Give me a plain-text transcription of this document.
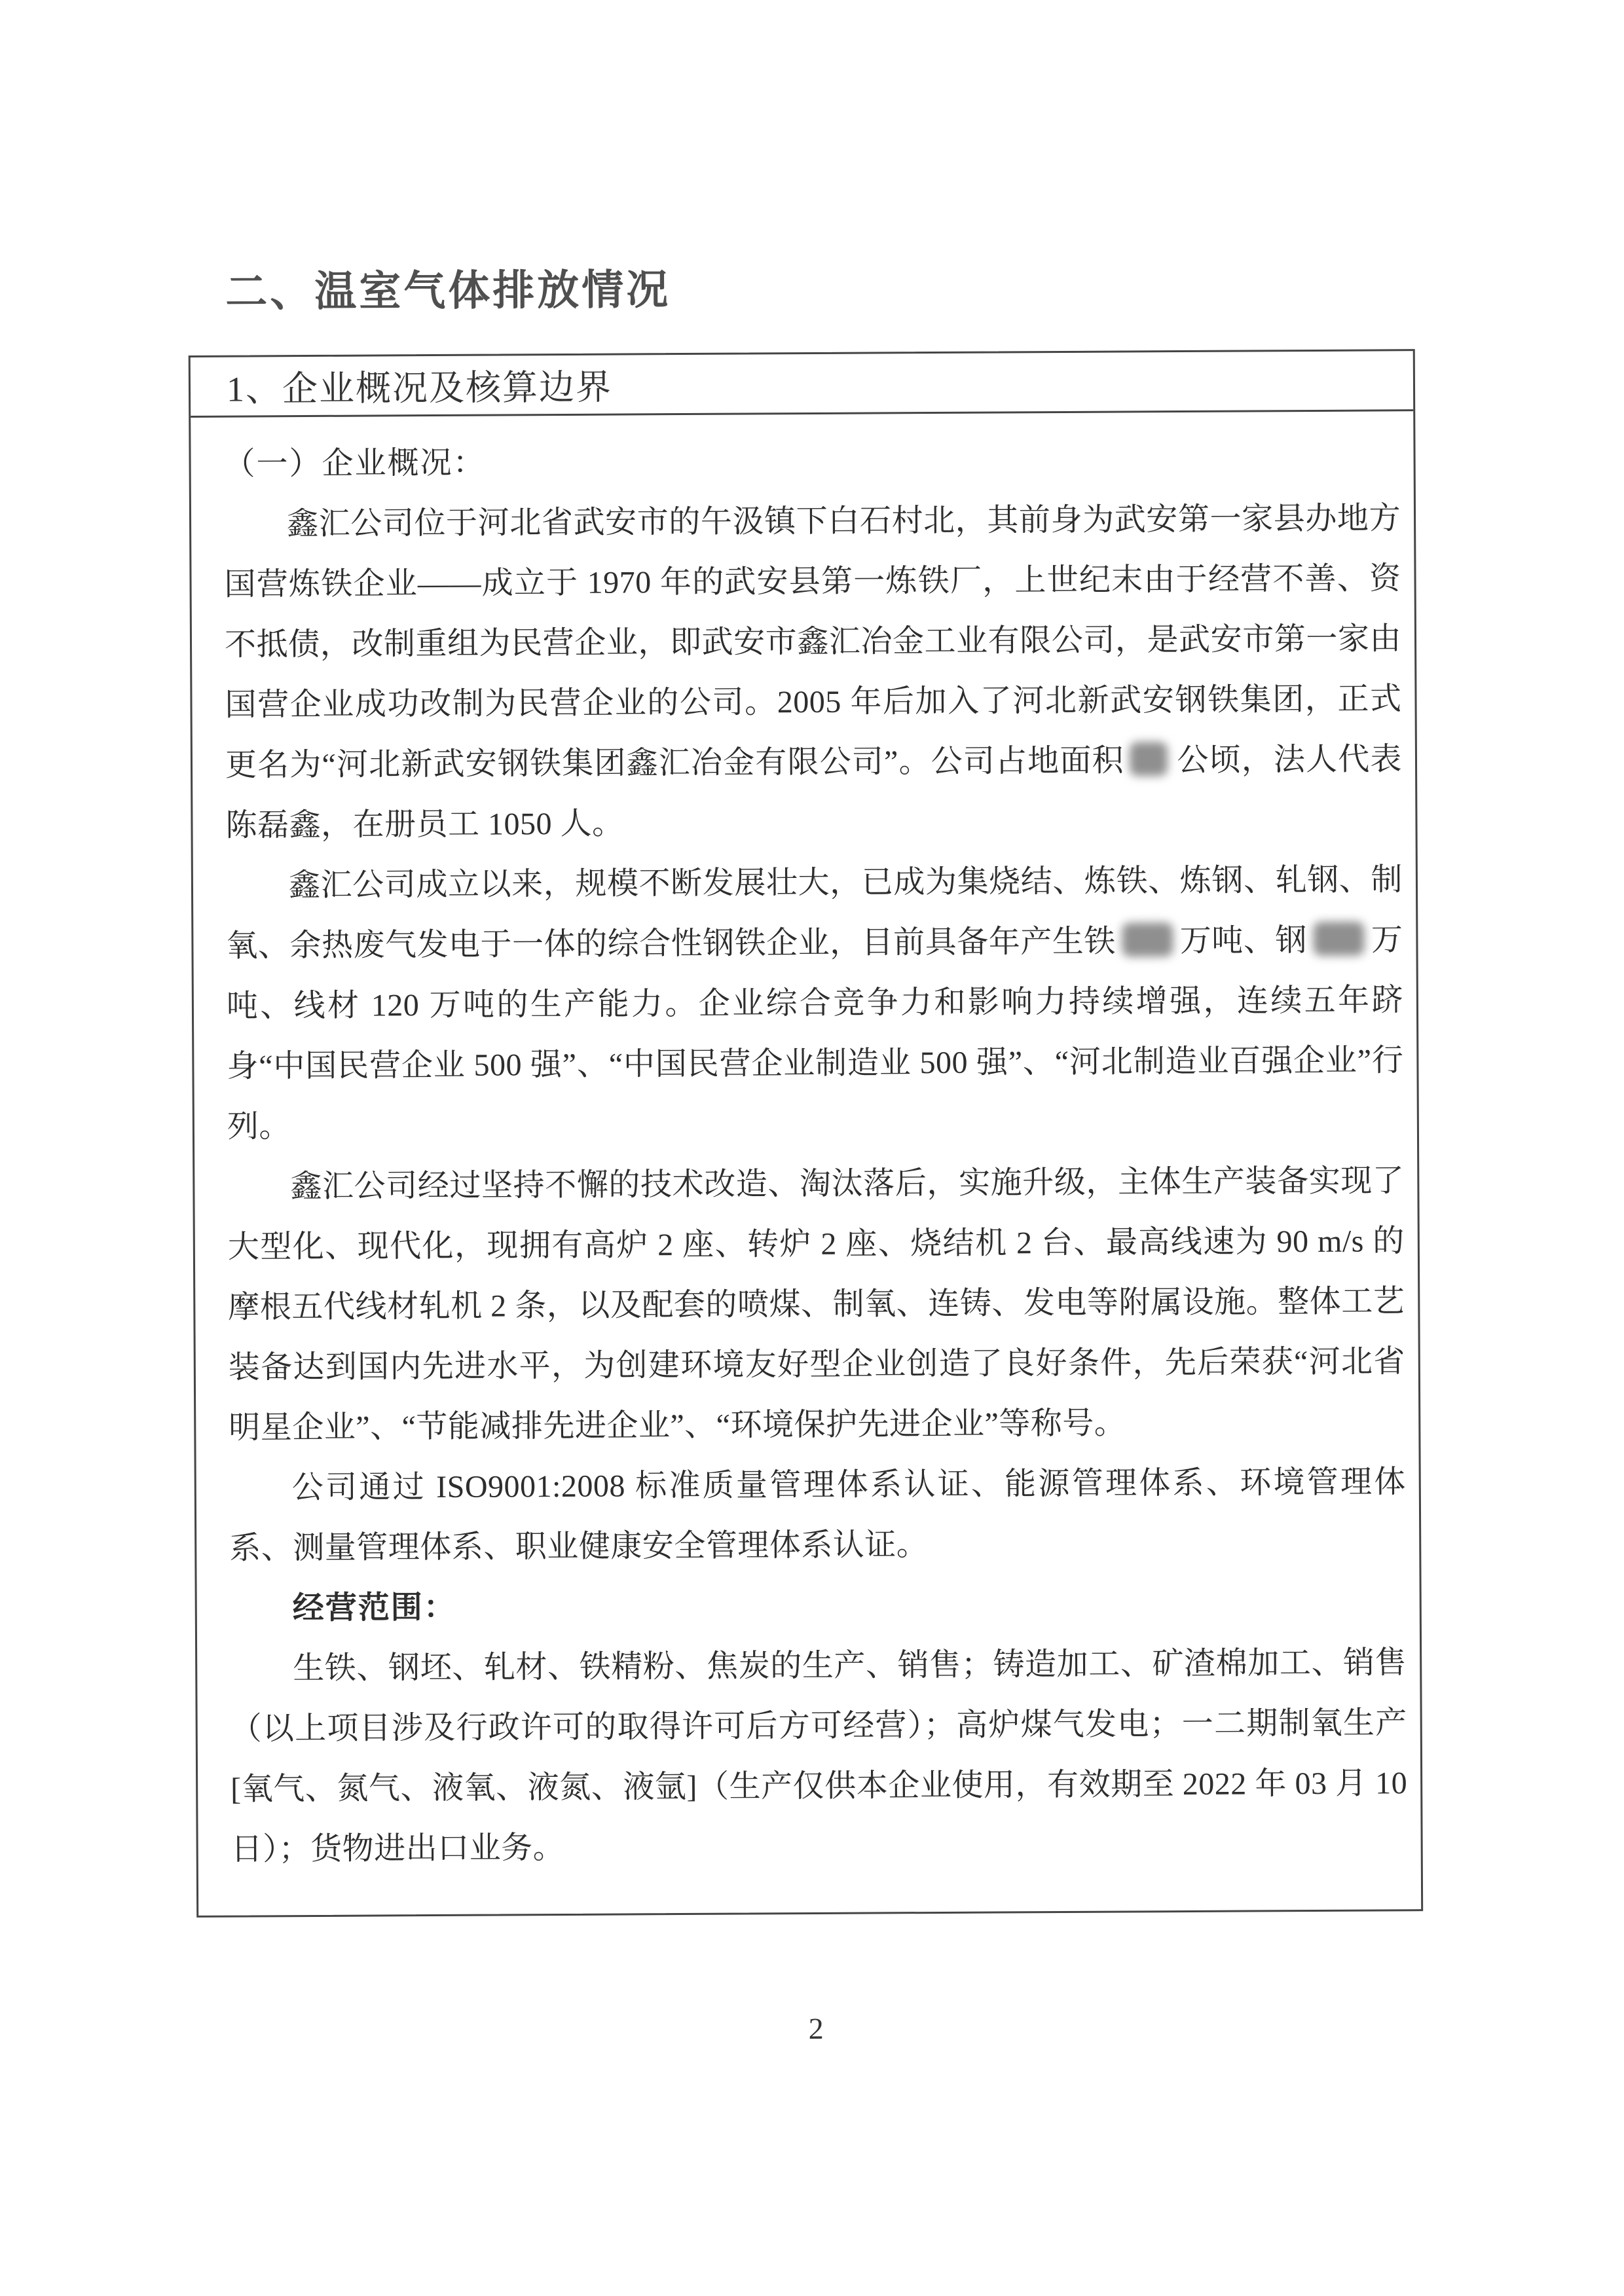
二、温室气体排放情况
1、企业概况及核算边界

（一）企业概况：

鑫汇公司位于河北省武安市的午汲镇下白石村北，其前身为武安第一家县办地方国营炼铁企业——成立于 1970 年的武安县第一炼铁厂，上世纪末由于经营不善、资不抵债，改制重组为民营企业，即武安市鑫汇冶金工业有限公司，是武安市第一家由国营企业成功改制为民营企业的公司。2005 年后加入了河北新武安钢铁集团，正式更名为“河北新武安钢铁集团鑫汇冶金有限公司”。公司占地面积 公顷，法人代表陈磊鑫，在册员工 1050 人。

鑫汇公司成立以来，规模不断发展壮大，已成为集烧结、炼铁、炼钢、轧钢、制氧、余热废气发电于一体的综合性钢铁企业，目前具备年产生铁 万吨、钢 万吨、线材 120 万吨的生产能力。企业综合竞争力和影响力持续增强，连续五年跻身“中国民营企业 500 强”、“中国民营企业制造业 500 强”、“河北制造业百强企业”行列。

鑫汇公司经过坚持不懈的技术改造、淘汰落后，实施升级，主体生产装备实现了大型化、现代化，现拥有高炉 2 座、转炉 2 座、烧结机 2 台、最高线速为 90 m/s 的摩根五代线材轧机 2 条，以及配套的喷煤、制氧、连铸、发电等附属设施。整体工艺装备达到国内先进水平，为创建环境友好型企业创造了良好条件，先后荣获“河北省明星企业”、“节能减排先进企业”、“环境保护先进企业”等称号。

公司通过 ISO9001:2008 标准质量管理体系认证、能源管理体系、环境管理体系、测量管理体系、职业健康安全管理体系认证。

经营范围：

生铁、钢坯、轧材、铁精粉、焦炭的生产、销售；铸造加工、矿渣棉加工、销售（以上项目涉及行政许可的取得许可后方可经营）；高炉煤气发电；一二期制氧生产[氧气、氮气、液氧、液氮、液氩]（生产仅供本企业使用，有效期至 2022 年 03 月 10 日）；货物进出口业务。

2
